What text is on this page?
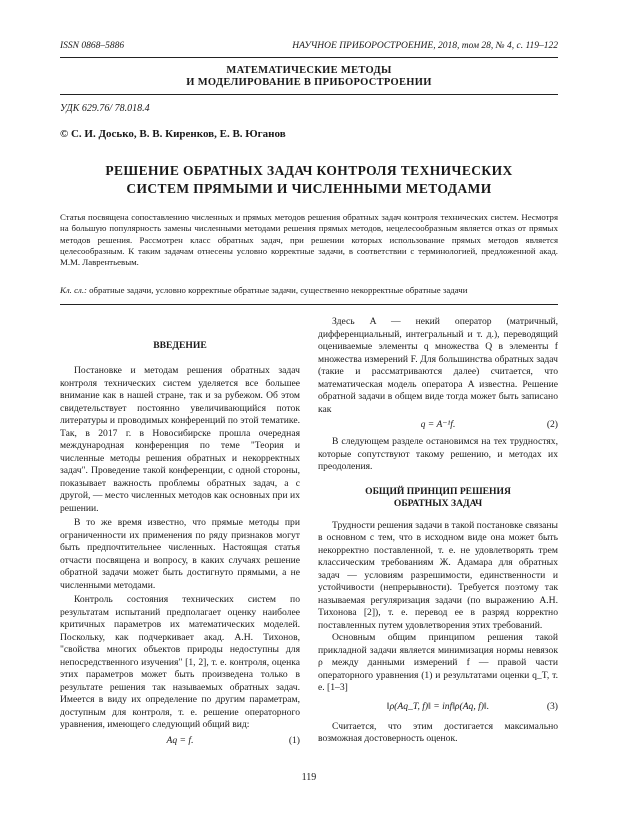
ISSN 0868–5886	НАУЧНОЕ ПРИБОРОСТРОЕНИЕ, 2018, том 28, № 4, с. 119–122
МАТЕМАТИЧЕСКИЕ МЕТОДЫ
И МОДЕЛИРОВАНИЕ В ПРИБОРОСТРОЕНИИ
УДК 629.76/ 78.018.4
© С. И. Досько, В. В. Киренков, Е. В. Юганов
РЕШЕНИЕ ОБРАТНЫХ ЗАДАЧ КОНТРОЛЯ ТЕХНИЧЕСКИХ
СИСТЕМ ПРЯМЫМИ И ЧИСЛЕННЫМИ МЕТОДАМИ
Статья посвящена сопоставлению численных и прямых методов решения обратных задач контроля технических систем. Несмотря на большую популярность замены численными методами решения прямых методов, нецелесообразным является отказ от прямых методов решения. Рассмотрен класс обратных задач, при решении которых использование прямых методов является целесообразным. К таким задачам отнесены условно корректные задачи, в соответствии с терминологией, предложенной акад. М.М. Лаврентьевым.
Кл. сл.: обратные задачи, условно корректные обратные задачи, существенно некорректные обратные задачи
ВВЕДЕНИЕ

Постановке и методам решения обратных задач контроля технических систем уделяется все большее внимание как в нашей стране, так и за рубежом. Об этом свидетельствует постоянно увеличивающийся поток литературы и проводимых конференций по этой тематике. Так, в 2017 г. в Новосибирске прошла очередная международная конференция по теме "Теория и численные методы решения обратных и некорректных задач". Проведение такой конференции, с одной стороны, показывает важность проблемы обратных задач, а с другой, — место численных методов как основных при их решении.

В то же время известно, что прямые методы при ограниченности их применения по ряду признаков могут быть предпочтительнее численных. Настоящая статья отчасти посвящена и вопросу, в каких случаях решение обратной задачи может быть достигнуто прямыми, а не численными методами.

Контроль состояния технических систем по результатам испытаний предполагает оценку наиболее критичных параметров их математических моделей. Поскольку, как подчеркивает акад. А.Н. Тихонов, "свойства многих объектов природы недоступны для непосредственного изучения" [1, 2], т. е. контроля, оценка этих параметров может быть произведена только в результате решения так называемых обратных задач. Имеется в виду их определение по другим параметрам, доступным для контроля, т. е. решение операторного уравнения, имеющего следующий общий вид:

Aq = f.	(1)

Здесь A — некий оператор (матричный, дифференциальный, интегральный и т. д.), переводящий оцениваемые элементы q множества Q в элементы f множества измерений F. Для большинства обратных задач (такие и рассматриваются далее) считается, что математическая модель оператора A известна. Решение обратной задачи в общем виде тогда может быть записано как

q = A⁻¹f.	(2)

В следующем разделе остановимся на тех трудностях, которые сопутствуют такому решению, и методах их преодоления.

ОБЩИЙ ПРИНЦИП РЕШЕНИЯ
ОБРАТНЫХ ЗАДАЧ

Трудности решения задачи в такой постановке связаны в основном с тем, что в исходном виде она может быть некорректно поставленной, т. е. не удовлетворять трем классическим требованиям Ж. Адамара для обратных задач — условиям разрешимости, единственности и устойчивости (непрерывности). Требуется поэтому так называемая регуляризация задачи (по выражению А.Н. Тихонова [2]), т. е. перевод ее в разряд корректно поставленных путем удовлетворения этих требований.

Основным общим принципом решения такой прикладной задачи является минимизация нормы невязок ρ между данными измерений f — правой части операторного уравнения (1) и результатами оценки q_T, т. е. [1–3]

‖ρ(Aq_T, f)‖ = inf‖ρ(Aq, f)‖.	(3)

Считается, что этим достигается максимально возможная достоверность оценок.

119
